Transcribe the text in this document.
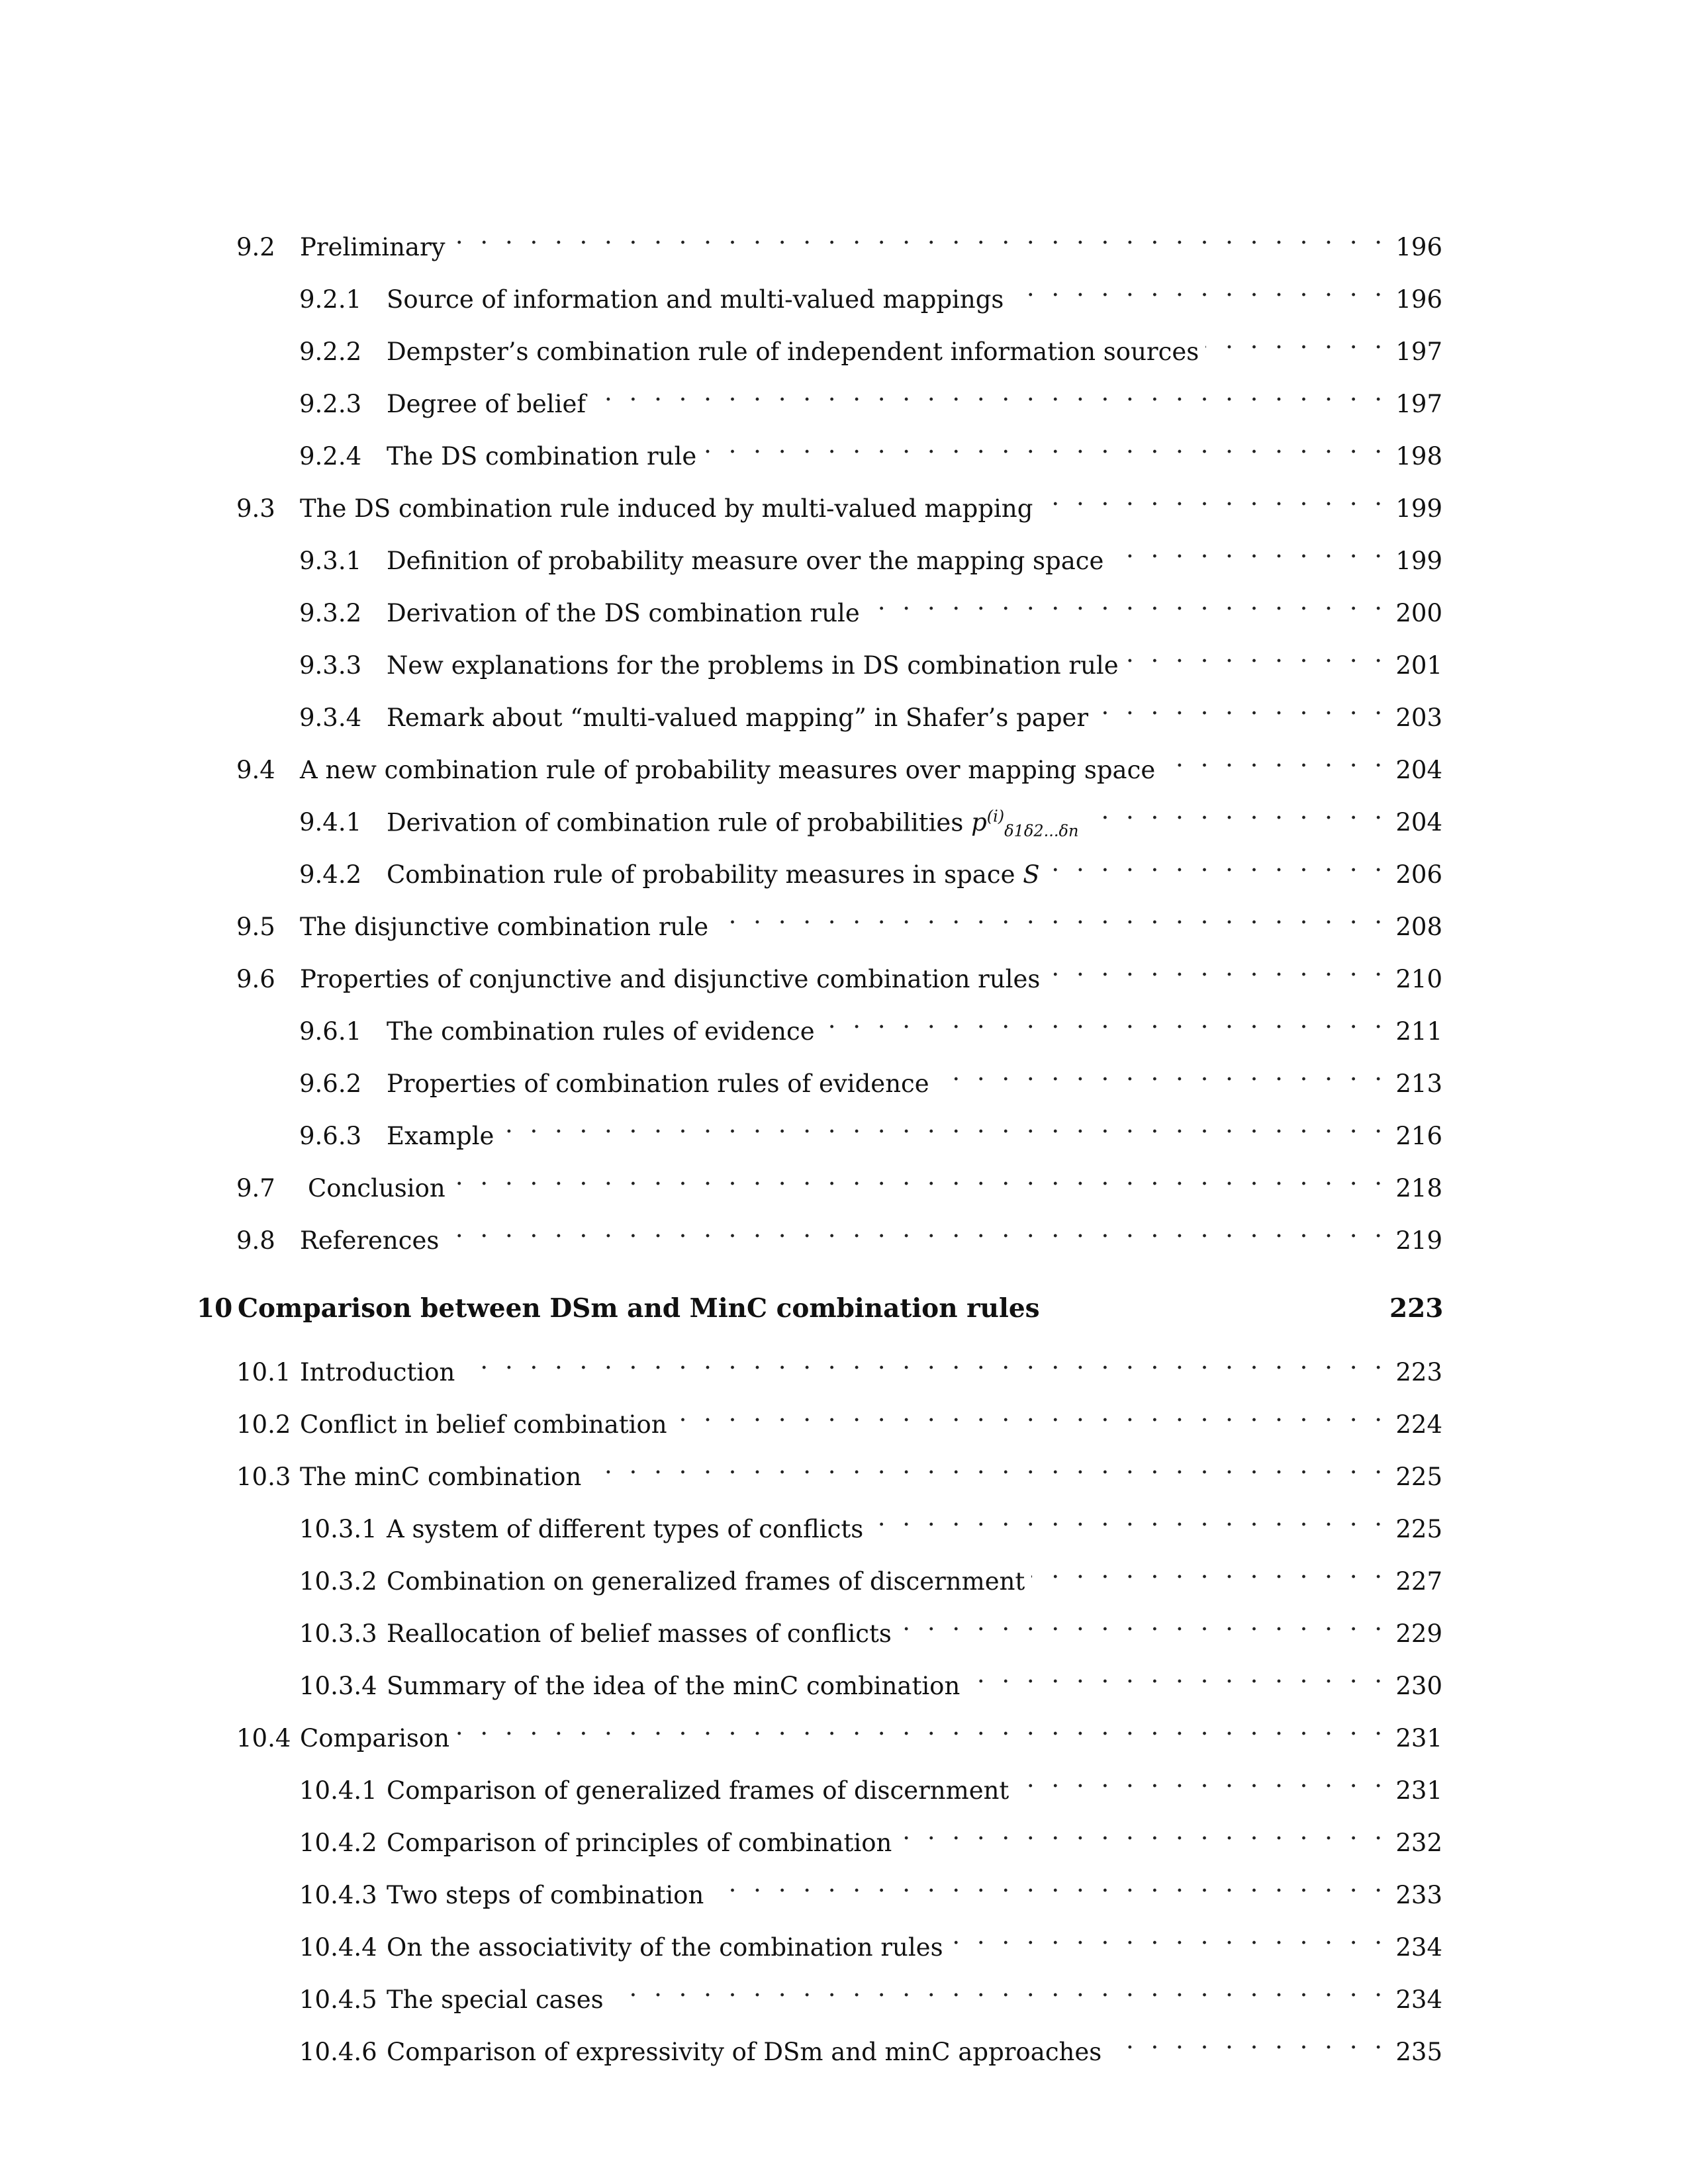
9.2	Preliminary . . .	196
9.2.1	Source of information and multi-valued mappings . . .	196
9.2.2	Dempster’s combination rule of independent information sources . . .	197
9.2.3	Degree of belief . . .	197
9.2.4	The DS combination rule . . .	198
9.3	The DS combination rule induced by multi-valued mapping . . .	199
9.3.1	Definition of probability measure over the mapping space . . .	199
9.3.2	Derivation of the DS combination rule . . .	200
9.3.3	New explanations for the problems in DS combination rule . . .	201
9.3.4	Remark about “multi-valued mapping” in Shafer’s paper . . .	203
9.4	A new combination rule of probability measures over mapping space . . .	204
9.4.1	Derivation of combination rule of probabilities $p^{(i)}_{\delta 1\delta 2...\delta n}$ . . .	204
9.4.2	Combination rule of probability measures in space S . . .	206
9.5	The disjunctive combination rule . . .	208
9.6	Properties of conjunctive and disjunctive combination rules . . .	210
9.6.1	The combination rules of evidence . . .	211
9.6.2	Properties of combination rules of evidence . . .	213
9.6.3	Example . . .	216
9.7	Conclusion . . .	218
9.8	References . . .	219
10 Comparison between DSm and MinC combination rules	223
10.1 Introduction . . .	223
10.2 Conflict in belief combination . . .	224
10.3 The minC combination . . .	225
10.3.1 A system of different types of conflicts . . .	225
10.3.2 Combination on generalized frames of discernment . . .	227
10.3.3 Reallocation of belief masses of conflicts . . .	229
10.3.4 Summary of the idea of the minC combination . . .	230
10.4 Comparison . . .	231
10.4.1 Comparison of generalized frames of discernment . . .	231
10.4.2 Comparison of principles of combination . . .	232
10.4.3 Two steps of combination . . .	233
10.4.4 On the associativity of the combination rules . . .	234
10.4.5 The special cases . . .	234
10.4.6 Comparison of expressivity of DSm and minC approaches . . .	235
